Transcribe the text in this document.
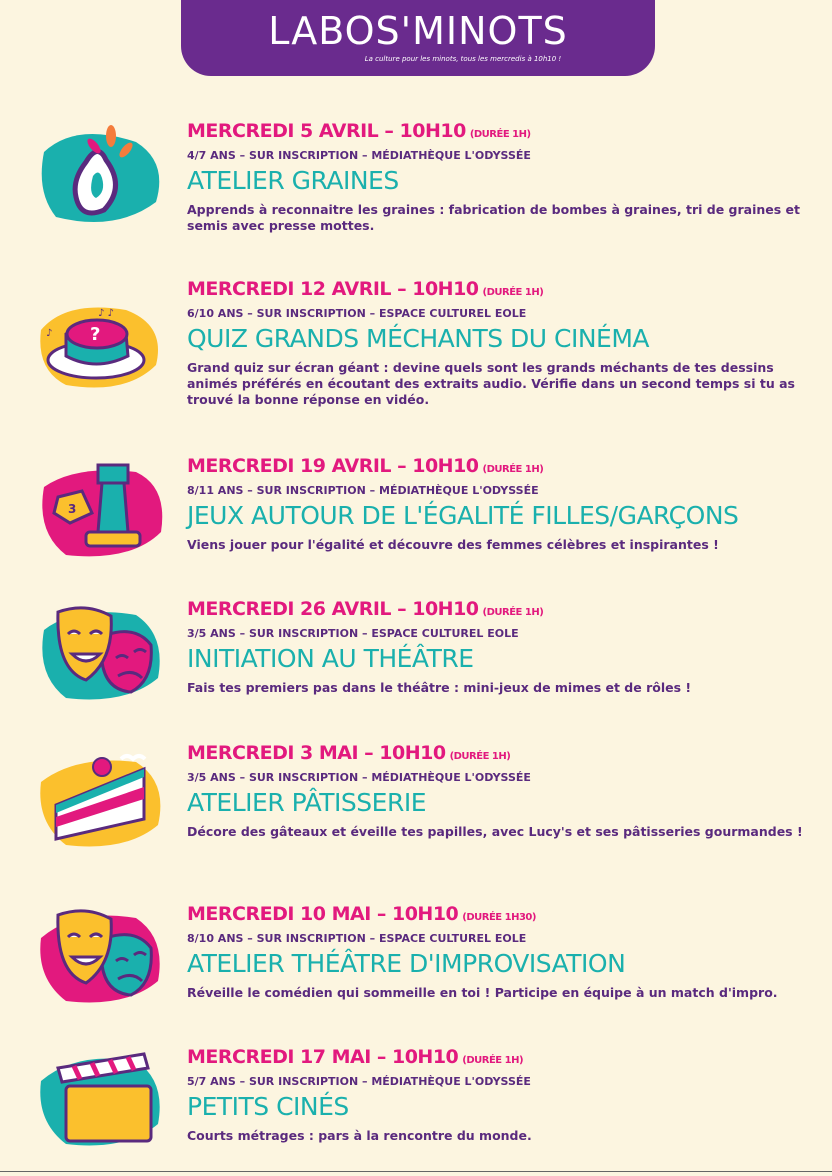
LABOS'MINOTS
La culture pour les minots, tous les mercredis à 10h10 !
MERCREDI 5 AVRIL – 10H10 (DURÉE 1H)
4/7 ANS – SUR INSCRIPTION – MÉDIATHÈQUE L'ODYSSÉE
ATELIER GRAINES
Apprends à reconnaitre les graines : fabrication de bombes à graines, tri de graines et semis avec presse mottes.
?
♪ ♪
♪
MERCREDI 12 AVRIL – 10H10 (DURÉE 1H)
6/10 ANS – SUR INSCRIPTION – ESPACE CULTUREL EOLE
QUIZ GRANDS MÉCHANTS DU CINÉMA
Grand quiz sur écran géant : devine quels sont les grands méchants de tes dessins animés préférés en écoutant des extraits audio. Vérifie dans un second temps si tu as trouvé la bonne réponse en vidéo.
3
MERCREDI 19 AVRIL – 10H10 (DURÉE 1H)
8/11 ANS – SUR INSCRIPTION – MÉDIATHÈQUE L'ODYSSÉE
JEUX AUTOUR DE L'ÉGALITÉ FILLES/GARÇONS
Viens jouer pour l'égalité et découvre des femmes célèbres et inspirantes !
MERCREDI 26 AVRIL – 10H10 (DURÉE 1H)
3/5 ANS – SUR INSCRIPTION – ESPACE CULTUREL EOLE
INITIATION AU THÉÂTRE
Fais tes premiers pas dans le théâtre : mini-jeux de mimes et de rôles !
MERCREDI 3 MAI – 10H10 (DURÉE 1H)
3/5 ANS – SUR INSCRIPTION – MÉDIATHÈQUE L'ODYSSÉE
ATELIER PÂTISSERIE
Décore des gâteaux et éveille tes papilles, avec Lucy's et ses pâtisseries gourmandes !
MERCREDI 10 MAI – 10H10 (DURÉE 1H30)
8/10 ANS – SUR INSCRIPTION – ESPACE CULTUREL EOLE
ATELIER THÉÂTRE D'IMPROVISATION
Réveille le comédien qui sommeille en toi ! Participe en équipe à un match d'impro.
MERCREDI 17 MAI – 10H10 (DURÉE 1H)
5/7 ANS – SUR INSCRIPTION – MÉDIATHÈQUE L'ODYSSÉE
PETITS CINÉS
Courts métrages : pars à la rencontre du monde.
